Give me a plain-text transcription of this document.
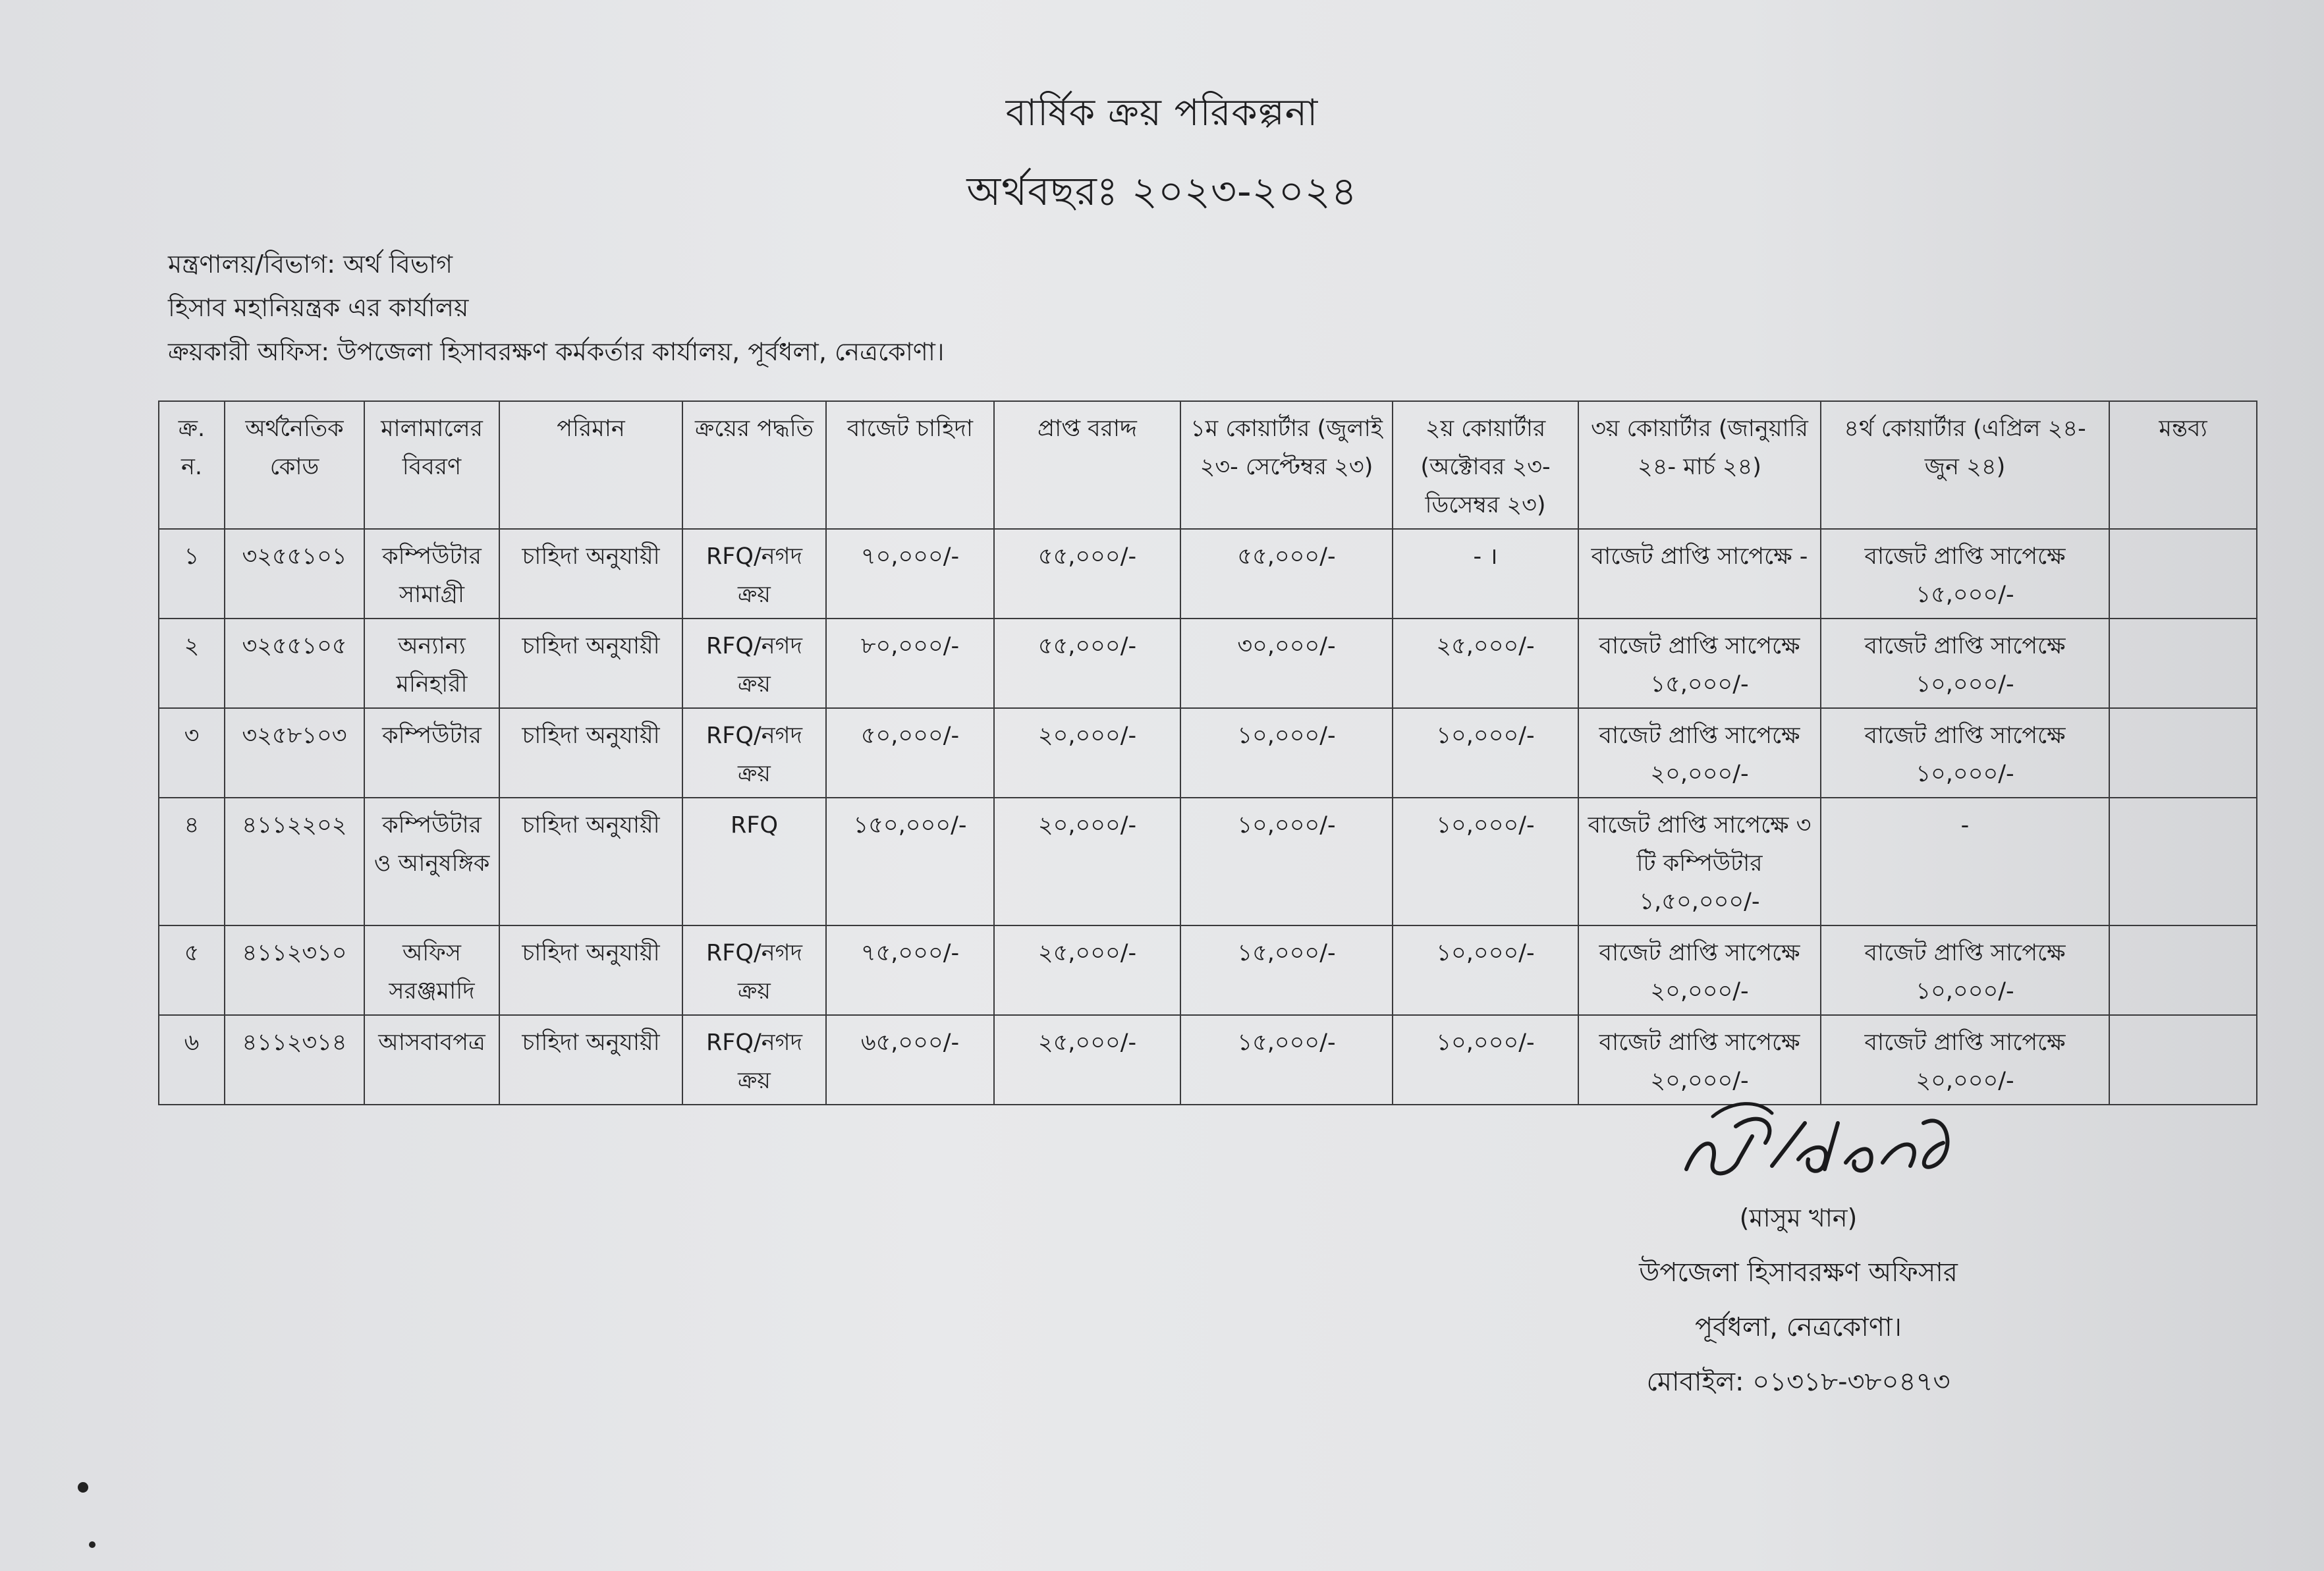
বার্ষিক ক্রয় পরিকল্পনা
অর্থবছরঃ ২০২৩-২০২৪
মন্ত্রণালয়/বিভাগ: অর্থ বিভাগ
হিসাব মহানিয়ন্ত্রক এর কার্যালয়
ক্রয়কারী অফিস: উপজেলা হিসাবরক্ষণ কর্মকর্তার কার্যালয়, পূর্বধলা, নেত্রকোণা।
ক্র. ন.	অর্থনৈতিক কোড	মালামালের বিবরণ	পরিমান	ক্রয়ের পদ্ধতি	বাজেট চাহিদা	প্রাপ্ত বরাদ্দ	১ম কোয়ার্টার (জুলাই ২৩- সেপ্টেম্বর ২৩)	২য় কোয়ার্টার (অক্টোবর ২৩- ডিসেম্বর ২৩)	৩য় কোয়ার্টার (জানুয়ারি ২৪- মার্চ ২৪)	৪র্থ কোয়ার্টার (এপ্রিল ২৪- জুন ২৪)	মন্তব্য
১	৩২৫৫১০১	কম্পিউটার সামাগ্রী	চাহিদা অনুযায়ী	RFQ/নগদ ক্রয়	৭০,০০০/-	৫৫,০০০/-	৫৫,০০০/-	- ।	বাজেট প্রাপ্তি সাপেক্ষে -	বাজেট প্রাপ্তি সাপেক্ষে ১৫,০০০/-	
২	৩২৫৫১০৫	অন্যান্য মনিহারী	চাহিদা অনুযায়ী	RFQ/নগদ ক্রয়	৮০,০০০/-	৫৫,০০০/-	৩০,০০০/-	২৫,০০০/-	বাজেট প্রাপ্তি সাপেক্ষে ১৫,০০০/-	বাজেট প্রাপ্তি সাপেক্ষে ১০,০০০/-	
৩	৩২৫৮১০৩	কম্পিউটার	চাহিদা অনুযায়ী	RFQ/নগদ ক্রয়	৫০,০০০/-	২০,০০০/-	১০,০০০/-	১০,০০০/-	বাজেট প্রাপ্তি সাপেক্ষে ২০,০০০/-	বাজেট প্রাপ্তি সাপেক্ষে ১০,০০০/-	
৪	৪১১২২০২	কম্পিউটার ও আনুষঙ্গিক	চাহিদা অনুযায়ী	RFQ	১৫০,০০০/-	২০,০০০/-	১০,০০০/-	১০,০০০/-	বাজেট প্রাপ্তি সাপেক্ষে ৩ টি কম্পিউটার ১,৫০,০০০/-	-	
৫	৪১১২৩১০	অফিস সরঞ্জমাদি	চাহিদা অনুযায়ী	RFQ/নগদ ক্রয়	৭৫,০০০/-	২৫,০০০/-	১৫,০০০/-	১০,০০০/-	বাজেট প্রাপ্তি সাপেক্ষে ২০,০০০/-	বাজেট প্রাপ্তি সাপেক্ষে ১০,০০০/-	
৬	৪১১২৩১৪	আসবাবপত্র	চাহিদা অনুযায়ী	RFQ/নগদ ক্রয়	৬৫,০০০/-	২৫,০০০/-	১৫,০০০/-	১০,০০০/-	বাজেট প্রাপ্তি সাপেক্ষে ২০,০০০/-	বাজেট প্রাপ্তি সাপেক্ষে ২০,০০০/-	
(মাসুম খান)
উপজেলা হিসাবরক্ষণ অফিসার
পূর্বধলা, নেত্রকোণা।
মোবাইল: ০১৩১৮-৩৮০৪৭৩
